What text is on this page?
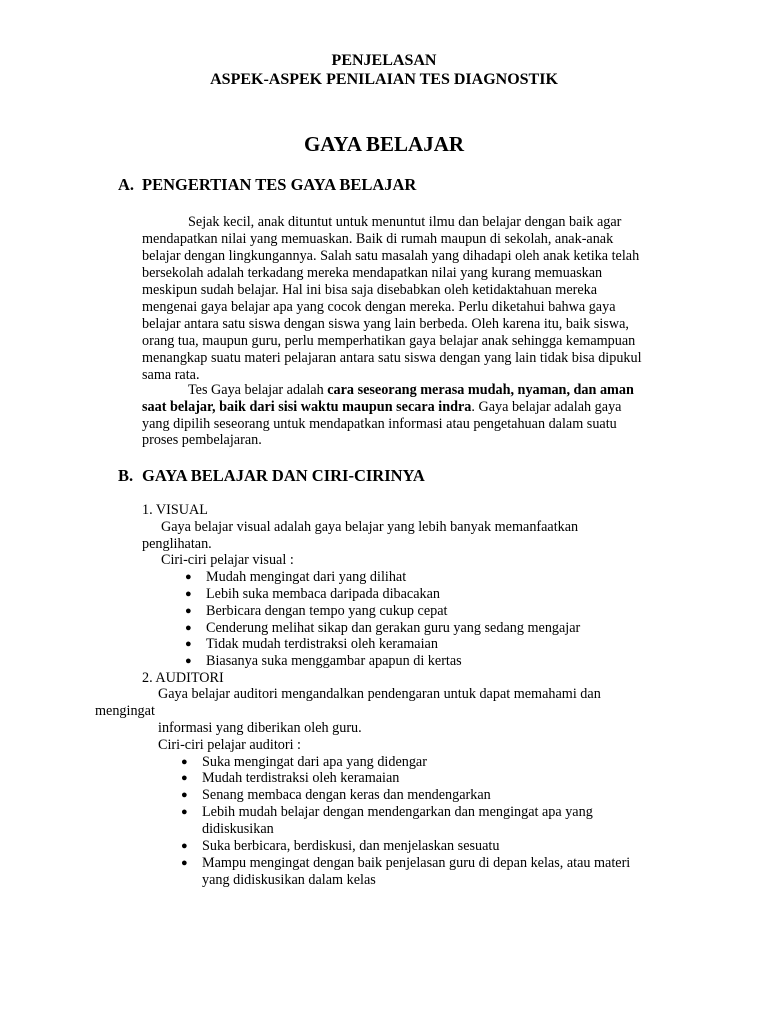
PENJELASAN
ASPEK-ASPEK PENILAIAN TES DIAGNOSTIK
GAYA BELAJAR
A. PENGERTIAN TES GAYA BELAJAR
Sejak kecil, anak dituntut untuk menuntut ilmu dan belajar dengan baik agar
mendapatkan nilai yang memuaskan. Baik di rumah maupun di sekolah, anak-anak
belajar dengan lingkungannya. Salah satu masalah yang dihadapi oleh anak ketika telah
bersekolah adalah terkadang mereka mendapatkan nilai yang kurang memuaskan
meskipun sudah belajar. Hal ini bisa saja disebabkan oleh ketidaktahuan mereka
mengenai gaya belajar apa yang cocok dengan mereka. Perlu diketahui bahwa gaya
belajar antara satu siswa dengan siswa yang lain berbeda. Oleh karena itu, baik siswa,
orang tua, maupun guru, perlu memperhatikan gaya belajar anak sehingga kemampuan
menangkap suatu materi pelajaran antara satu siswa dengan yang lain tidak bisa dipukul
sama rata.
Tes Gaya belajar adalah cara seseorang merasa mudah, nyaman, dan aman
saat belajar, baik dari sisi waktu maupun secara indra. Gaya belajar adalah gaya
yang dipilih seseorang untuk mendapatkan informasi atau pengetahuan dalam suatu
proses pembelajaran.
B. GAYA BELAJAR DAN CIRI-CIRINYA
1. VISUAL
Gaya belajar visual adalah gaya belajar yang lebih banyak memanfaatkan
penglihatan.
Ciri-ciri pelajar visual :
● Mudah mengingat dari yang dilihat
● Lebih suka membaca daripada dibacakan
● Berbicara dengan tempo yang cukup cepat
● Cenderung melihat sikap dan gerakan guru yang sedang mengajar
● Tidak mudah terdistraksi oleh keramaian
● Biasanya suka menggambar apapun di kertas
2. AUDITORI
Gaya belajar auditori mengandalkan pendengaran untuk dapat memahami dan
mengingat
informasi yang diberikan oleh guru.
Ciri-ciri pelajar auditori :
● Suka mengingat dari apa yang didengar
● Mudah terdistraksi oleh keramaian
● Senang membaca dengan keras dan mendengarkan
● Lebih mudah belajar dengan mendengarkan dan mengingat apa yang
didiskusikan
● Suka berbicara, berdiskusi, dan menjelaskan sesuatu
● Mampu mengingat dengan baik penjelasan guru di depan kelas, atau materi
yang didiskusikan dalam kelas
